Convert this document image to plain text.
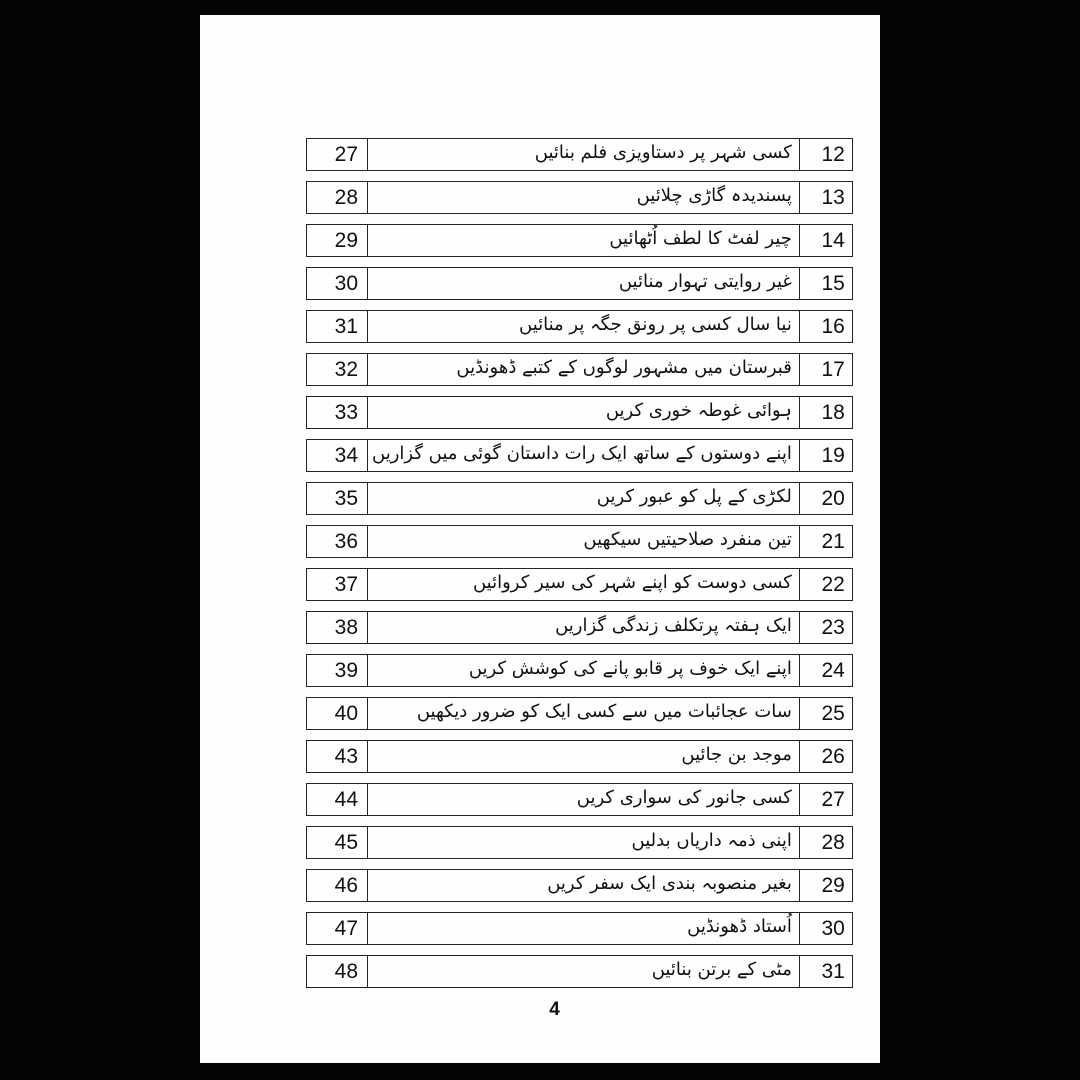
27	کسی شہر پر دستاویزی فلم بنائیں	12
28	پسندیدہ گاڑی چلائیں	13
29	چیر لفٹ کا لطف اُٹھائیں	14
30	غیر روایتی تہوار منائیں	15
31	نیا سال کسی پر رونق جگہ پر منائیں	16
32	قبرستان میں مشہور لوگوں کے کتبے ڈھونڈیں	17
33	ہوائی غوطہ خوری کریں	18
34	اپنے دوستوں کے ساتھ ایک رات داستان گوئی میں گزاریں	19
35	لکڑی کے پل کو عبور کریں	20
36	تین منفرد صلاحیتیں سیکھیں	21
37	کسی دوست کو اپنے شہر کی سیر کروائیں	22
38	ایک ہفتہ پرتکلف زندگی گزاریں	23
39	اپنے ایک خوف پر قابو پانے کی کوشش کریں	24
40	سات عجائبات میں سے کسی ایک کو ضرور دیکھیں	25
43	موجد بن جائیں	26
44	کسی جانور کی سواری کریں	27
45	اپنی ذمہ داریاں بدلیں	28
46	بغیر منصوبہ بندی ایک سفر کریں	29
47	اُستاد ڈھونڈیں	30
48	مٹی کے برتن بنائیں	31
4
